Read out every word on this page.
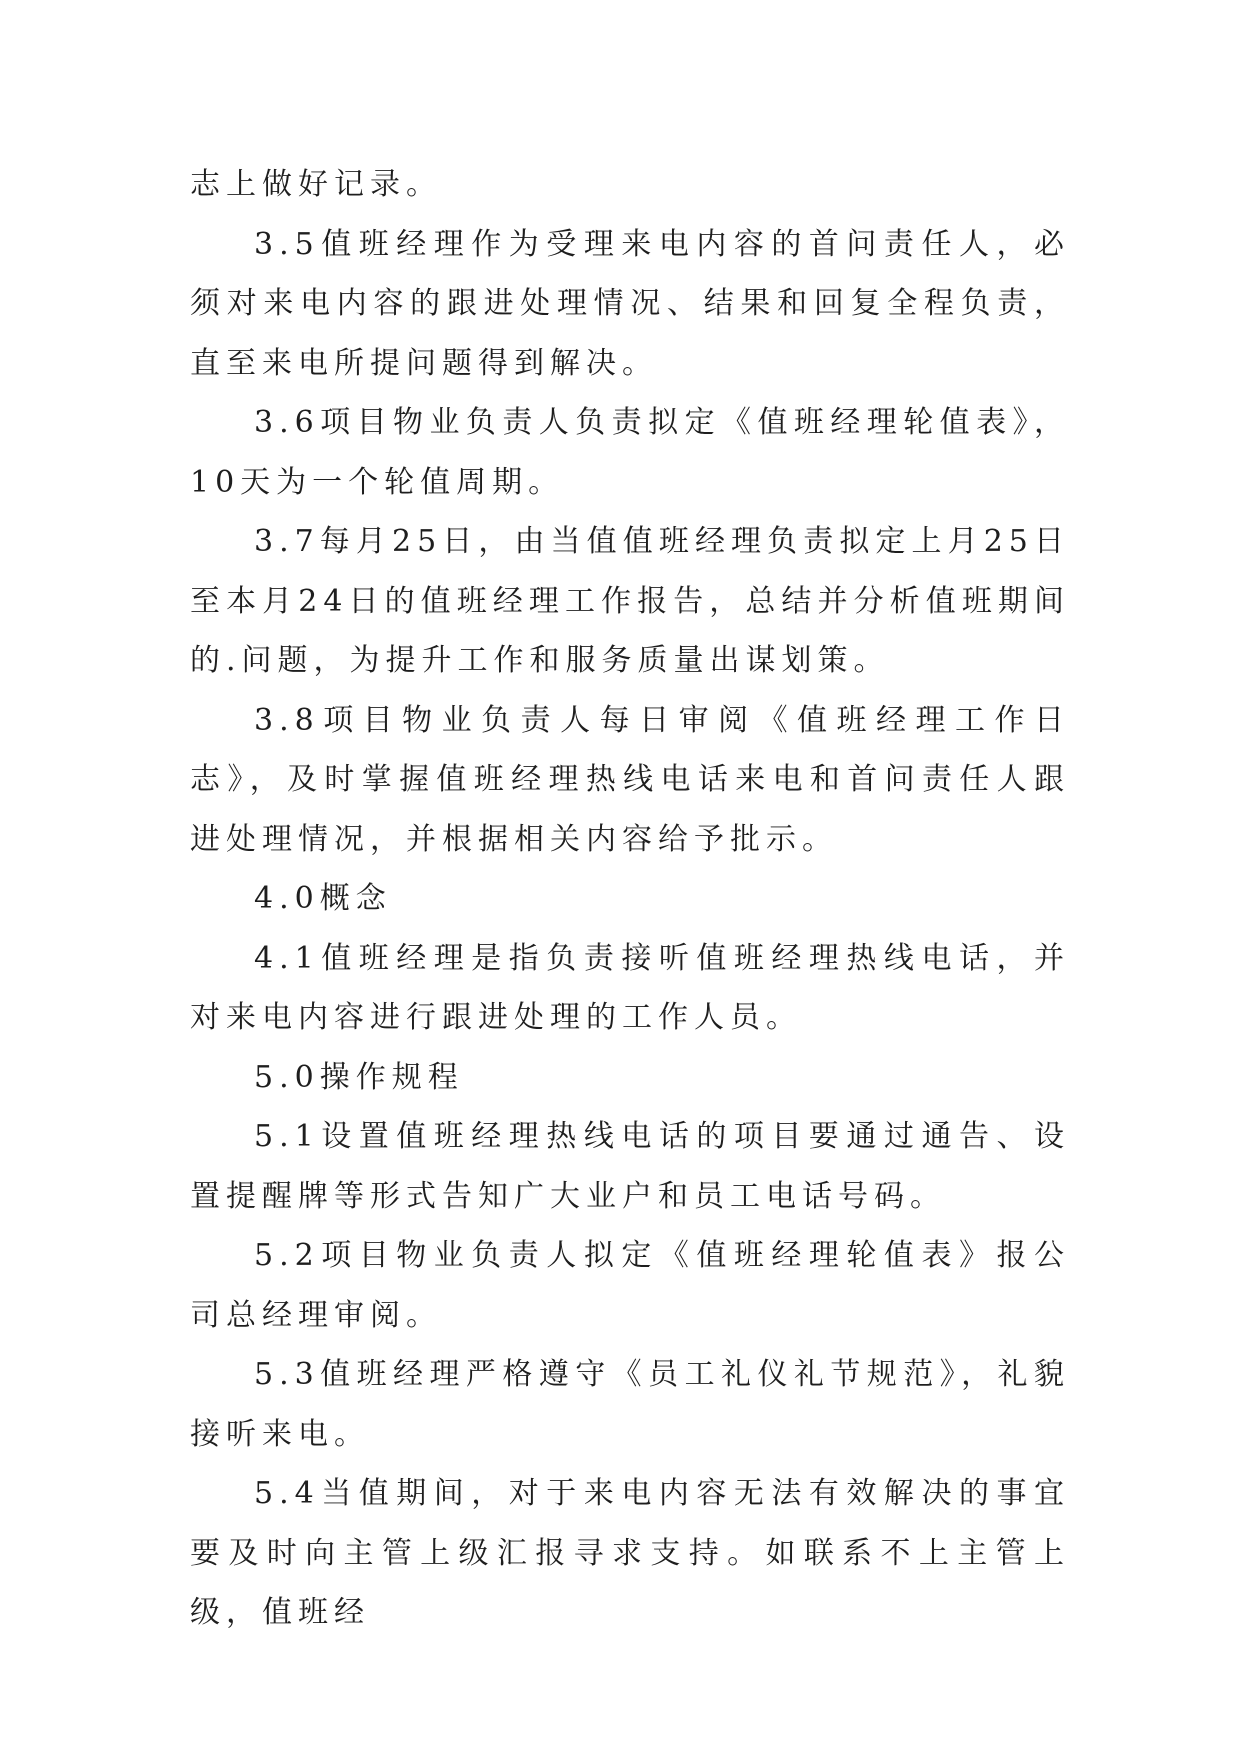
志上做好记录。

3.5值班经理作为受理来电内容的首问责任人，必须对来电内容的跟进处理情况、结果和回复全程负责，直至来电所提问题得到解决。

3.6项目物业负责人负责拟定《值班经理轮值表》，10天为一个轮值周期。

3.7每月25日，由当值值班经理负责拟定上月25日至本月24日的值班经理工作报告，总结并分析值班期间的.问题，为提升工作和服务质量出谋划策。

3.8项目物业负责人每日审阅《值班经理工作日志》，及时掌握值班经理热线电话来电和首问责任人跟进处理情况，并根据相关内容给予批示。

4.0概念

4.1值班经理是指负责接听值班经理热线电话，并对来电内容进行跟进处理的工作人员。

5.0操作规程

5.1设置值班经理热线电话的项目要通过通告、设置提醒牌等形式告知广大业户和员工电话号码。

5.2项目物业负责人拟定《值班经理轮值表》报公司总经理审阅。

5.3值班经理严格遵守《员工礼仪礼节规范》，礼貌接听来电。

5.4当值期间，对于来电内容无法有效解决的事宜要及时向主管上级汇报寻求支持。如联系不上主管上级，值班经
